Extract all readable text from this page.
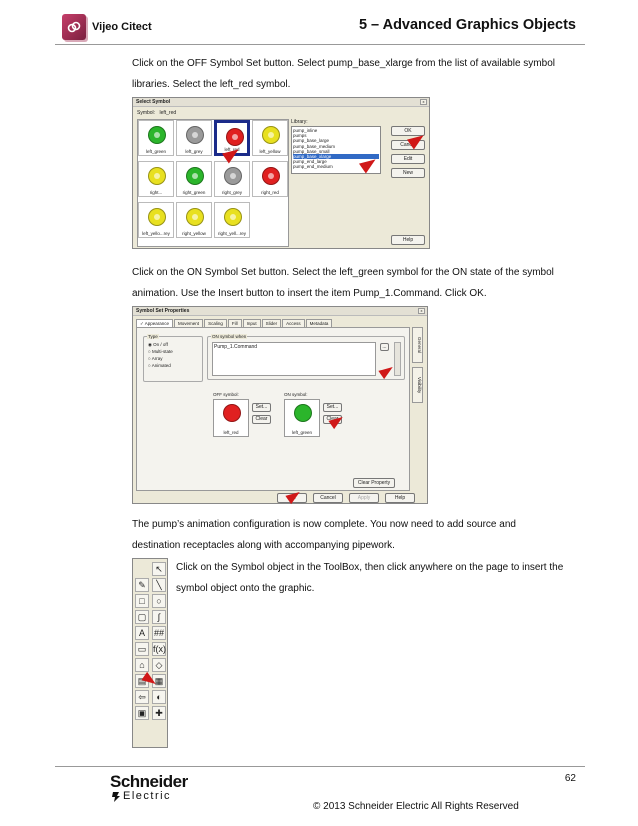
Vijeo Citect	5 – Advanced Graphics Objects
Click on the OFF Symbol Set button. Select pump_base_xlarge from the list of available symbol
libraries. Select the left_red symbol.
Select Symbol	x
Symbol: left_red
left_green	left_grey	left_red	left_yellow
right...	right_green	right_grey	right_red
left_yello...rey	right_yellow	right_yell...rey
Library:
pump_inline
pumps
pump_base_large
pump_base_medium
pump_base_small
pump_base_xlarge
pump_end_large
pump_end_medium
OK
Cancel
Edit
New
Help
Click on the ON Symbol Set button. Select the left_green symbol for the ON state of the symbol
animation. Use the Insert button to insert the item Pump_1.Command. Click OK.
Symbol Set Properties	x
✓ Appearance Movement Scaling Fill Input Slider Access Metadata
Type
◉ On / off
○ Multi-state
○ Array
○ Animated
ON symbol when
Pump_1.Command	...
OFF symbol:
left_red
Set...
Clear
ON symbol:
left_green
Set...
Clear
Clear Property
General
Visibility
OK	Cancel	Apply	Help
The pump’s animation configuration is now complete. You now need to add source and
destination receptacles along with accompanying pipework.
↖
✎	╲
□	○
▢	∫
A ##
▭ f(x)
⌂	◇
▤ ▦
⇦	◐
▣ ✚
Click on the Symbol object in the ToolBox, then click anywhere on the page to insert the
symbol object onto the graphic.
62
Schneider
Electric
© 2013 Schneider Electric All Rights Reserved
